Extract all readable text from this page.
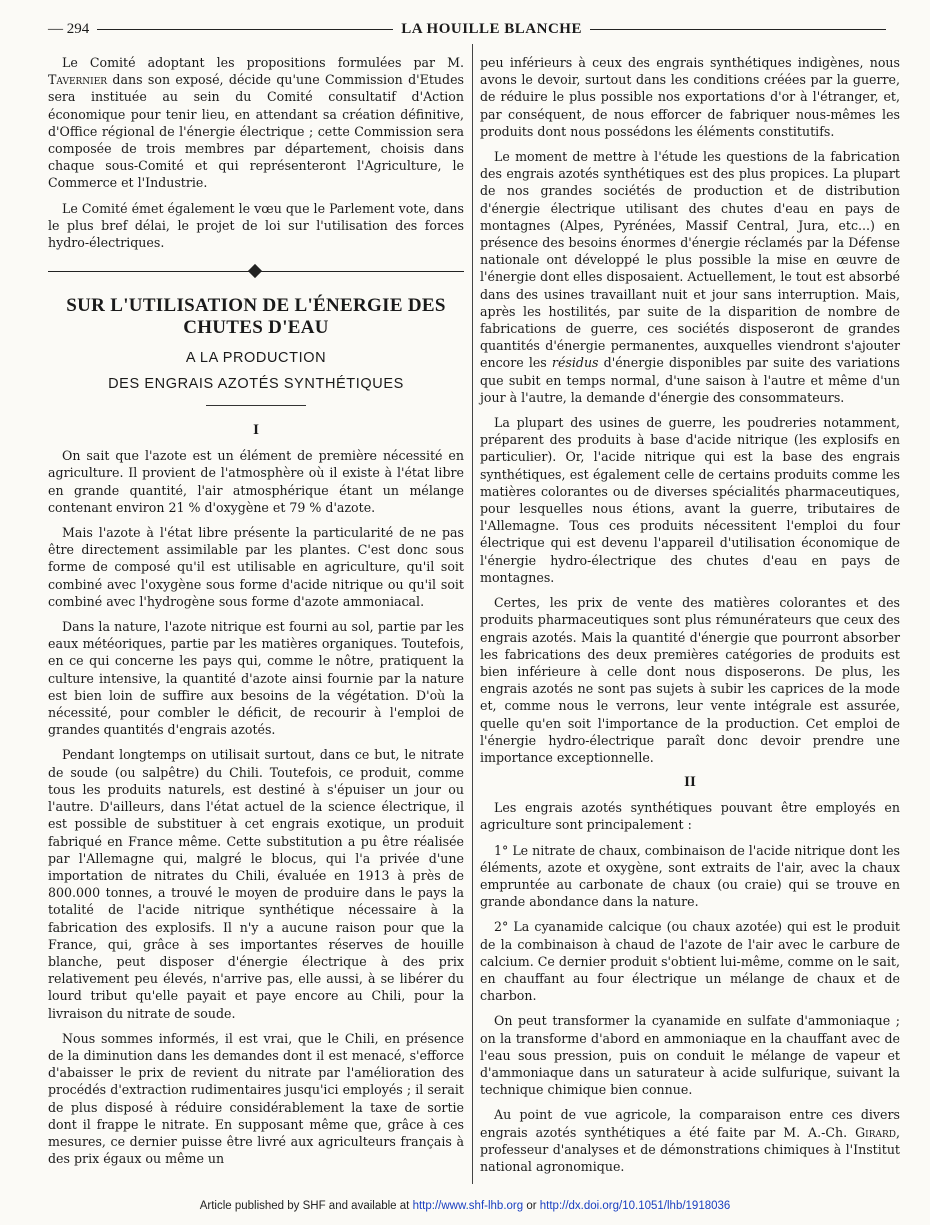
— 294	LA HOUILLE BLANCHE

Le Comité adoptant les propositions formulées par M. Tavernier dans son exposé, décide qu'une Commission d'Etudes sera instituée au sein du Comité consultatif d'Action économique pour tenir lieu, en attendant sa création définitive, d'Office régional de l'énergie électrique ; cette Commission sera composée de trois membres par département, choisis dans chaque sous-Comité et qui représenteront l'Agriculture, le Commerce et l'Industrie.

Le Comité émet également le vœu que le Parlement vote, dans le plus bref délai, le projet de loi sur l'utilisation des forces hydro-électriques.

SUR L'UTILISATION DE L'ÉNERGIE DES CHUTES D'EAU
A LA PRODUCTION
DES ENGRAIS AZOTÉS SYNTHÉTIQUES
I

On sait que l'azote est un élément de première nécessité en agriculture. Il provient de l'atmosphère où il existe à l'état libre en grande quantité, l'air atmosphérique étant un mélange contenant environ 21 % d'oxygène et 79 % d'azote.

Mais l'azote à l'état libre présente la particularité de ne pas être directement assimilable par les plantes. C'est donc sous forme de composé qu'il est utilisable en agriculture, qu'il soit combiné avec l'oxygène sous forme d'acide nitrique ou qu'il soit combiné avec l'hydrogène sous forme d'azote ammoniacal.

Dans la nature, l'azote nitrique est fourni au sol, partie par les eaux météoriques, partie par les matières organiques. Toutefois, en ce qui concerne les pays qui, comme le nôtre, pratiquent la culture intensive, la quantité d'azote ainsi fournie par la nature est bien loin de suffire aux besoins de la végétation. D'où la nécessité, pour combler le déficit, de recourir à l'emploi de grandes quantités d'engrais azotés.

Pendant longtemps on utilisait surtout, dans ce but, le nitrate de soude (ou salpêtre) du Chili. Toutefois, ce produit, comme tous les produits naturels, est destiné à s'épuiser un jour ou l'autre. D'ailleurs, dans l'état actuel de la science électrique, il est possible de substituer à cet engrais exotique, un produit fabriqué en France même. Cette substitution a pu être réalisée par l'Allemagne qui, malgré le blocus, qui l'a privée d'une importation de nitrates du Chili, évaluée en 1913 à près de 800.000 tonnes, a trouvé le moyen de produire dans le pays la totalité de l'acide nitrique synthétique nécessaire à la fabrication des explosifs. Il n'y a aucune raison pour que la France, qui, grâce à ses importantes réserves de houille blanche, peut disposer d'énergie électrique à des prix relativement peu élevés, n'arrive pas, elle aussi, à se libérer du lourd tribut qu'elle payait et paye encore au Chili, pour la livraison du nitrate de soude.

Nous sommes informés, il est vrai, que le Chili, en présence de la diminution dans les demandes dont il est menacé, s'efforce d'abaisser le prix de revient du nitrate par l'amélioration des procédés d'extraction rudimentaires jusqu'ici employés ; il serait de plus disposé à réduire considérablement la taxe de sortie dont il frappe le nitrate. En supposant même que, grâce à ces mesures, ce dernier puisse être livré aux agriculteurs français à des prix égaux ou même un

peu inférieurs à ceux des engrais synthétiques indigènes, nous avons le devoir, surtout dans les conditions créées par la guerre, de réduire le plus possible nos exportations d'or à l'étranger, et, par conséquent, de nous efforcer de fabriquer nous-mêmes les produits dont nous possédons les éléments constitutifs.

Le moment de mettre à l'étude les questions de la fabrication des engrais azotés synthétiques est des plus propices. La plupart de nos grandes sociétés de production et de distribution d'énergie électrique utilisant des chutes d'eau en pays de montagnes (Alpes, Pyrénées, Massif Central, Jura, etc...) en présence des besoins énormes d'énergie réclamés par la Défense nationale ont développé le plus possible la mise en œuvre de l'énergie dont elles disposaient. Actuellement, le tout est absorbé dans des usines travaillant nuit et jour sans interruption. Mais, après les hostilités, par suite de la disparition de nombre de fabrications de guerre, ces sociétés disposeront de grandes quantités d'énergie permanentes, auxquelles viendront s'ajouter encore les résidus d'énergie disponibles par suite des variations que subit en temps normal, d'une saison à l'autre et même d'un jour à l'autre, la demande d'énergie des consommateurs.

La plupart des usines de guerre, les poudreries notamment, préparent des produits à base d'acide nitrique (les explosifs en particulier). Or, l'acide nitrique qui est la base des engrais synthétiques, est également celle de certains produits comme les matières colorantes ou de diverses spécialités pharmaceutiques, pour lesquelles nous étions, avant la guerre, tributaires de l'Allemagne. Tous ces produits nécessitent l'emploi du four électrique qui est devenu l'appareil d'utilisation économique de l'énergie hydro-électrique des chutes d'eau en pays de montagnes.

Certes, les prix de vente des matières colorantes et des produits pharmaceutiques sont plus rémunérateurs que ceux des engrais azotés. Mais la quantité d'énergie que pourront absorber les fabrications des deux premières catégories de produits est bien inférieure à celle dont nous disposerons. De plus, les engrais azotés ne sont pas sujets à subir les caprices de la mode et, comme nous le verrons, leur vente intégrale est assurée, quelle qu'en soit l'importance de la production. Cet emploi de l'énergie hydro-électrique paraît donc devoir prendre une importance exceptionnelle.

II

Les engrais azotés synthétiques pouvant être employés en agriculture sont principalement :

1° Le nitrate de chaux, combinaison de l'acide nitrique dont les éléments, azote et oxygène, sont extraits de l'air, avec la chaux empruntée au carbonate de chaux (ou craie) qui se trouve en grande abondance dans la nature.

2° La cyanamide calcique (ou chaux azotée) qui est le produit de la combinaison à chaud de l'azote de l'air avec le carbure de calcium. Ce dernier produit s'obtient lui-même, comme on le sait, en chauffant au four électrique un mélange de chaux et de charbon.

On peut transformer la cyanamide en sulfate d'ammoniaque ; on la transforme d'abord en ammoniaque en la chauffant avec de l'eau sous pression, puis on conduit le mélange de vapeur et d'ammoniaque dans un saturateur à acide sulfurique, suivant la technique chimique bien connue.

Au point de vue agricole, la comparaison entre ces divers engrais azotés synthétiques a été faite par M. A.-Ch. Girard, professeur d'analyses et de démonstrations chimiques à l'Institut national agronomique.

Article published by SHF and available at http://www.shf-lhb.org or http://dx.doi.org/10.1051/lhb/1918036
